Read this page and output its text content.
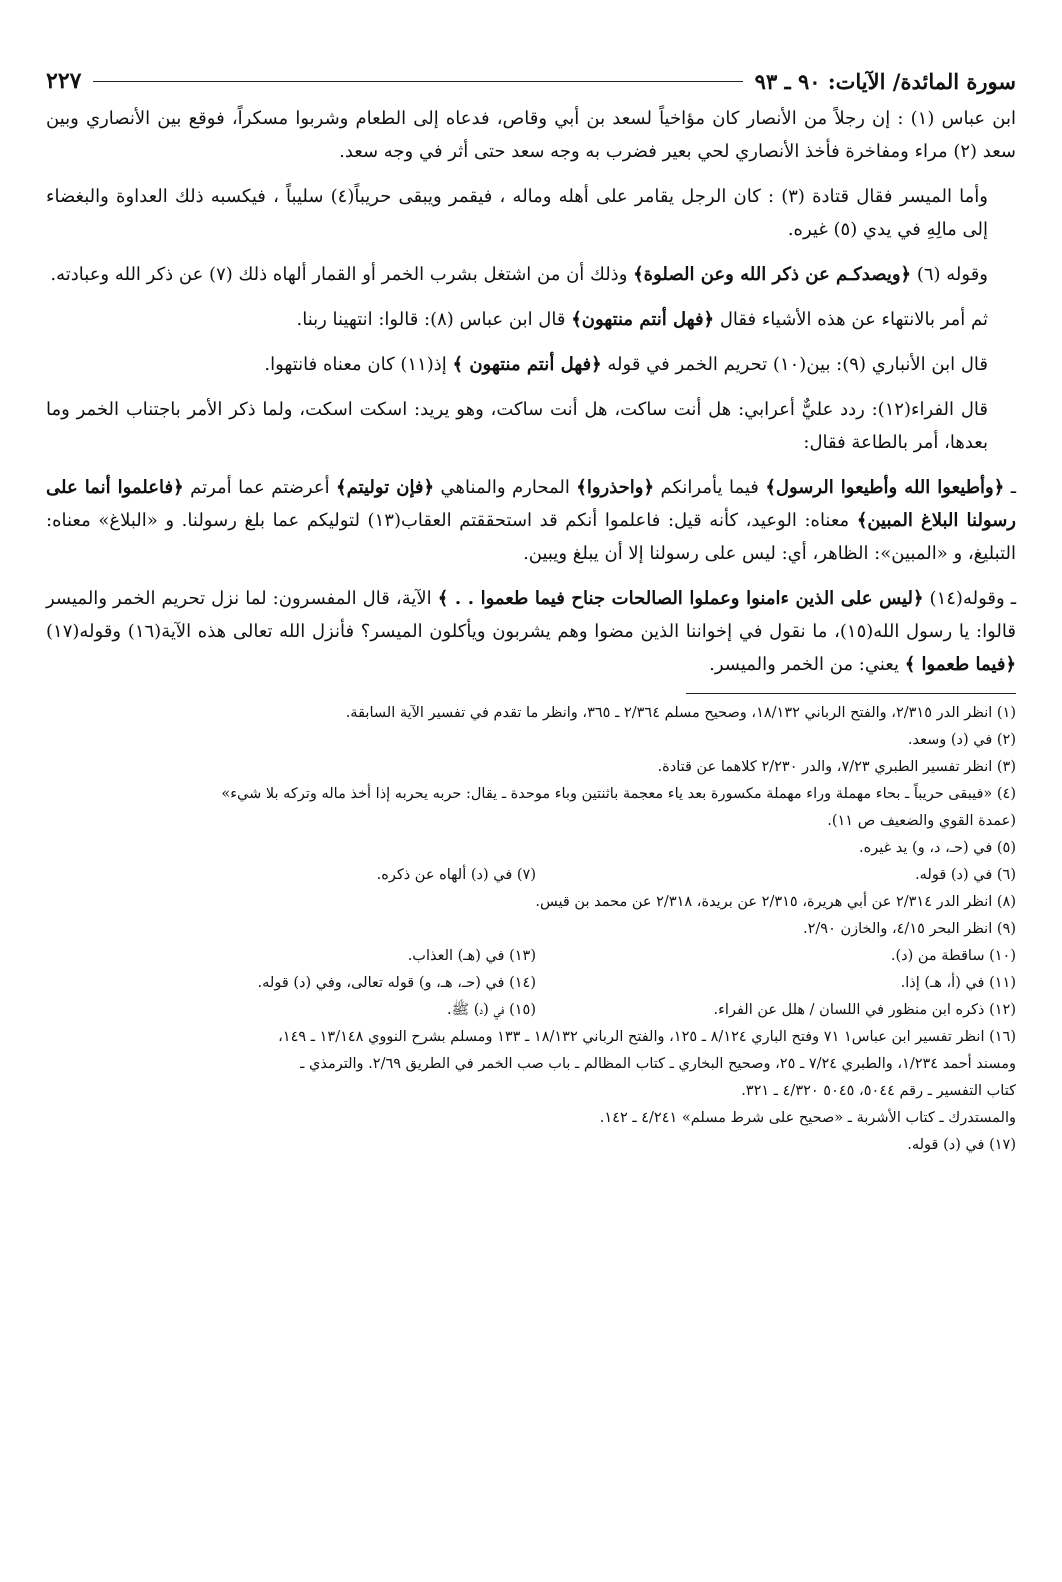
سورة المائدة/ الآيات: ٩٠ ـ ٩٣
٢٢٧

ابن عباس (١) : إن رجلاً من الأنصار كان مؤاخياً لسعد بن أبي وقاص، فدعاه إلى الطعام وشربوا مسكراً، فوقع بين الأنصاري وبين سعد (٢) مراء ومفاخرة فأخذ الأنصاري لحي بعير فضرب به وجه سعد حتى أثر في وجه سعد.

وأما الميسر فقال قتادة (٣) : كان الرجل يقامر على أهله وماله ، فيقمر ويبقى حريباً(٤) سليباً ، فيكسبه ذلك العداوة والبغضاء إلى مالِهِ في يدي (٥) غيره.

وقوله (٦) ﴿ويصدكـم عن ذكر الله وعن الصلوة﴾ وذلك أن من اشتغل بشرب الخمر أو القمار ألهاه ذلك (٧) عن ذكر الله وعبادته.

ثم أمر بالانتهاء عن هذه الأشياء فقال ﴿فهل أنتم منتهون﴾ قال ابن عباس (٨): قالوا: انتهينا ربنا.

قال ابن الأنباري (٩): بين(١٠) تحريم الخمر في قوله ﴿فهل أنتم منتهون ﴾ إذ(١١) كان معناه فانتهوا.

قال الفراء(١٢): ردد عليٌّ أعرابي: هل أنت ساكت، هل أنت ساكت، وهو يريد: اسكت اسكت، ولما ذكر الأمر باجتناب الخمر وما بعدها، أمر بالطاعة فقال:

ـ ﴿وأطيعوا الله وأطيعوا الرسول﴾ فيما يأمرانكم ﴿واحذروا﴾ المحارم والمناهي ﴿فإن توليتم﴾ أعرضتم عما أمرتم ﴿فاعلموا أنما على رسولنا البلاغ المبين﴾ معناه: الوعيد، كأنه قيل: فاعلموا أنكم قد استحققتم العقاب(١٣) لتوليكم عما بلغ رسولنا. و «البلاغ» معناه: التبليغ، و «المبين»: الظاهر، أي: ليس على رسولنا إلا أن يبلغ ويبين.

ـ وقوله(١٤) ﴿ليس على الذين ءامنوا وعملوا الصالحات جناح فيما طعموا . . ﴾ الآية، قال المفسرون: لما نزل تحريم الخمر والميسر قالوا: يا رسول الله(١٥)، ما نقول في إخواننا الذين مضوا وهم يشربون ويأكلون الميسر؟ فأنزل الله تعالى هذه الآية(١٦) وقوله(١٧) ﴿فيما طعموا ﴾ يعني: من الخمر والميسر.

(١) انظر الدر ٢/٣١٥، والفتح الرباني ١٨/١٣٢، وصحيح مسلم ٢/٣٦٤ ـ ٣٦٥، وانظر ما تقدم في تفسير الآية السابقة.

(٢) في (د) وسعد.

(٣) انظر تفسير الطبري ٧/٢٣، والدر ٢/٢٣٠ كلاهما عن قتادة.

(٤) «فيبقى حريباً ـ بحاء مهملة وراء مهملة مكسورة بعد ياء معجمة باثنتين وباء موحدة ـ يقال: حربه يحربه إذا أخذ ماله وتركه بلا شيء»

(عمدة القوي والضعيف ص ١١).

(٥) في (حـ، د، و) يد غيره.

(٦) في (د) قوله.
(٧) في (د) ألهاه عن ذكره.

(٨) انظر الدر ٢/٣١٤ عن أبي هريرة، ٢/٣١٥ عن بريدة، ٢/٣١٨ عن محمد بن قيس.

(٩) انظر البحر ٤/١٥، والخازن ٢/٩٠.

(١٠) ساقطة من (د).
(١٣) في (هـ) العذاب.
(١١) في (أ، هـ) إذا.
(١٤) في (حـ، هـ، و) قوله تعالى، وفي (د) قوله.
(١٢) ذكره ابن منظور في اللسان / هلل عن الفراء.
(١٥) في (د) ﷺ.

(١٦) انظر تفسير ابن عباس١ ٧١ وفتح الباري ٨/١٢٤ ـ ١٢٥، والفتح الرباني ١٨/١٣٢ ـ ١٣٣ ومسلم بشرح النووي ١٣/١٤٨ ـ ١٤٩،

ومسند أحمد ١/٢٣٤، والطبري ٧/٢٤ ـ ٢٥، وصحيح البخاري ـ كتاب المظالم ـ باب صب الخمر في الطريق ٢/٦٩. والترمذي ـ

كتاب التفسير ـ رقم ٥٠٤٤، ٥٠٤٥ ٤/٣٢٠ ـ ٣٢١.

والمستدرك ـ كتاب الأشربة ـ «صحيح على شرط مسلم» ٤/٢٤١ ـ ١٤٢.

(١٧) في (د) قوله.
